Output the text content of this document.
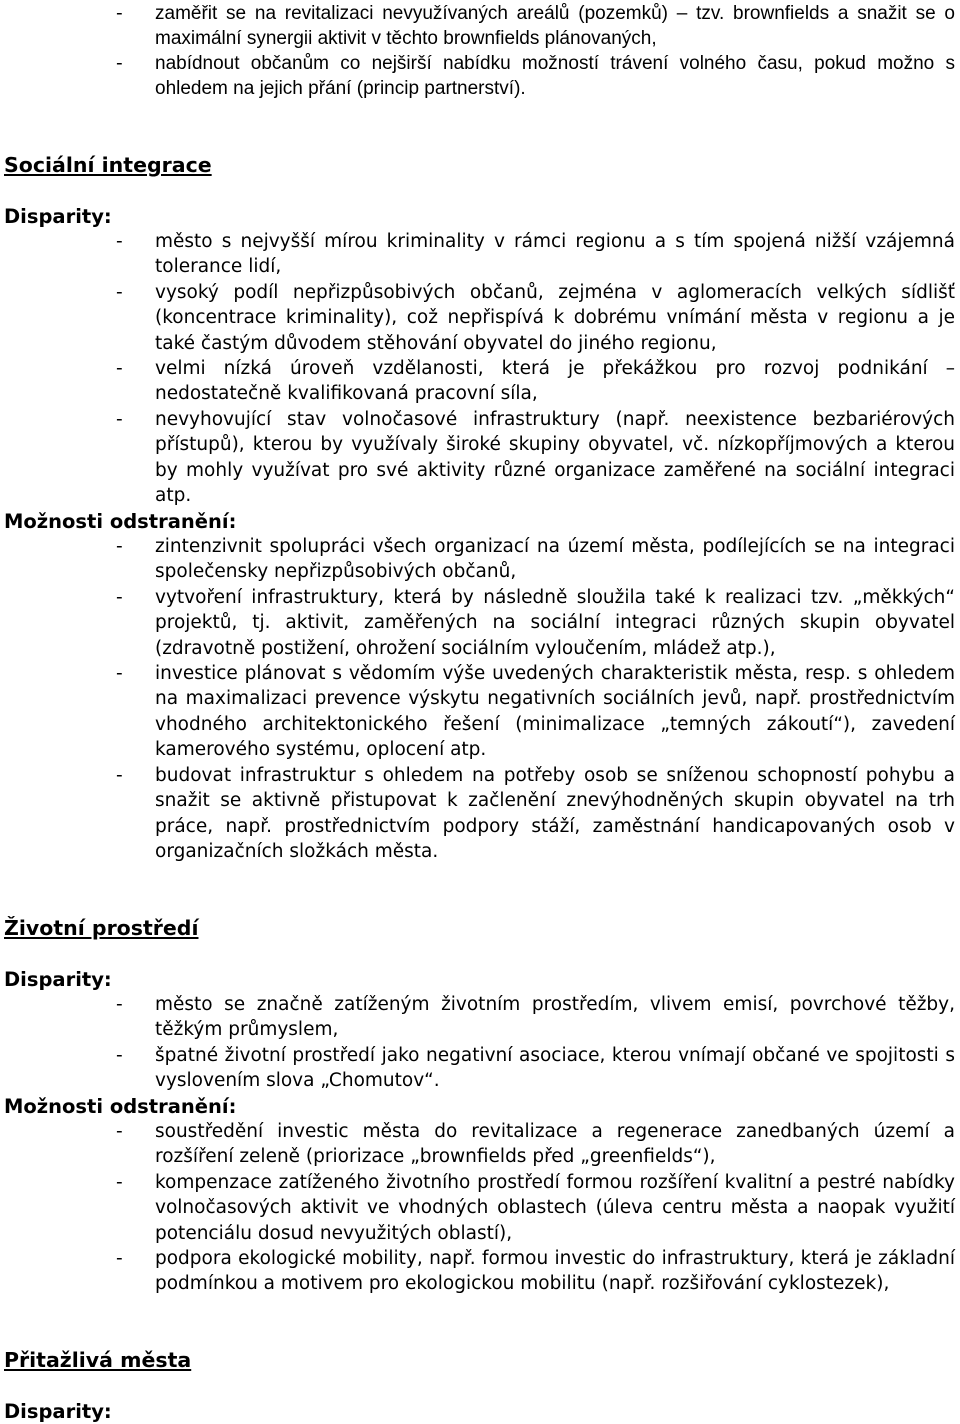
- zaměřit se na revitalizaci nevyužívaných areálů (pozemků) – tzv. brownfields a snažit se o maximální synergii aktivit v těchto brownfields plánovaných,

- nabídnout občanům co nejširší nabídku možností trávení volného času, pokud možno s ohledem na jejich přání (princip partnerství).

Sociální integrace
Disparity:
- město s nejvyšší mírou kriminality v rámci regionu a s tím spojená nižší vzájemná tolerance lidí,

- vysoký podíl nepřizpůsobivých občanů, zejména v aglomeracích velkých sídlišť (koncentrace kriminality), což nepřispívá k dobrému vnímání města v regionu a je také častým důvodem stěhování obyvatel do jiného regionu,

- velmi nízká úroveň vzdělanosti, která je překážkou pro rozvoj podnikání – nedostatečně kvalifikovaná pracovní síla,

- nevyhovující stav volnočasové infrastruktury (např. neexistence bezbariérových přístupů), kterou by využívaly široké skupiny obyvatel, vč. nízkopříjmových a kterou by mohly využívat pro své aktivity různé organizace zaměřené na sociální integraci atp.

Možnosti odstranění:
- zintenzivnit spolupráci všech organizací na území města, podílejících se na integraci společensky nepřizpůsobivých občanů,

- vytvoření infrastruktury, která by následně sloužila také k realizaci tzv. „měkkých“ projektů, tj. aktivit, zaměřených na sociální integraci různých skupin obyvatel (zdravotně postižení, ohrožení sociálním vyloučením, mládež atp.),

- investice plánovat s vědomím výše uvedených charakteristik města, resp. s ohledem na maximalizaci prevence výskytu negativních sociálních jevů, např. prostřednictvím vhodného architektonického řešení (minimalizace „temných zákoutí“), zavedení kamerového systému, oplocení atp.

- budovat infrastruktur s ohledem na potřeby osob se sníženou schopností pohybu a snažit se aktivně přistupovat k začlenění znevýhodněných skupin obyvatel na trh práce, např. prostřednictvím podpory stáží, zaměstnání handicapovaných osob v organizačních složkách města.

Životní prostředí
Disparity:
- město se značně zatíženým životním prostředím, vlivem emisí, povrchové těžby, těžkým průmyslem,

- špatné životní prostředí jako negativní asociace, kterou vnímají občané ve spojitosti s vyslovením slova „Chomutov“.

Možnosti odstranění:
- soustředění investic města do revitalizace a regenerace zanedbaných území a rozšíření zeleně (priorizace „brownfields před „greenfields“),

- kompenzace zatíženého životního prostředí formou rozšíření kvalitní a pestré nabídky volnočasových aktivit ve vhodných oblastech (úleva centru města a naopak využití potenciálu dosud nevyužitých oblastí),

- podpora ekologické mobility, např. formou investic do infrastruktury, která je základní podmínkou a motivem pro ekologickou mobilitu (např. rozšiřování cyklostezek),

Přitažlivá města
Disparity:
